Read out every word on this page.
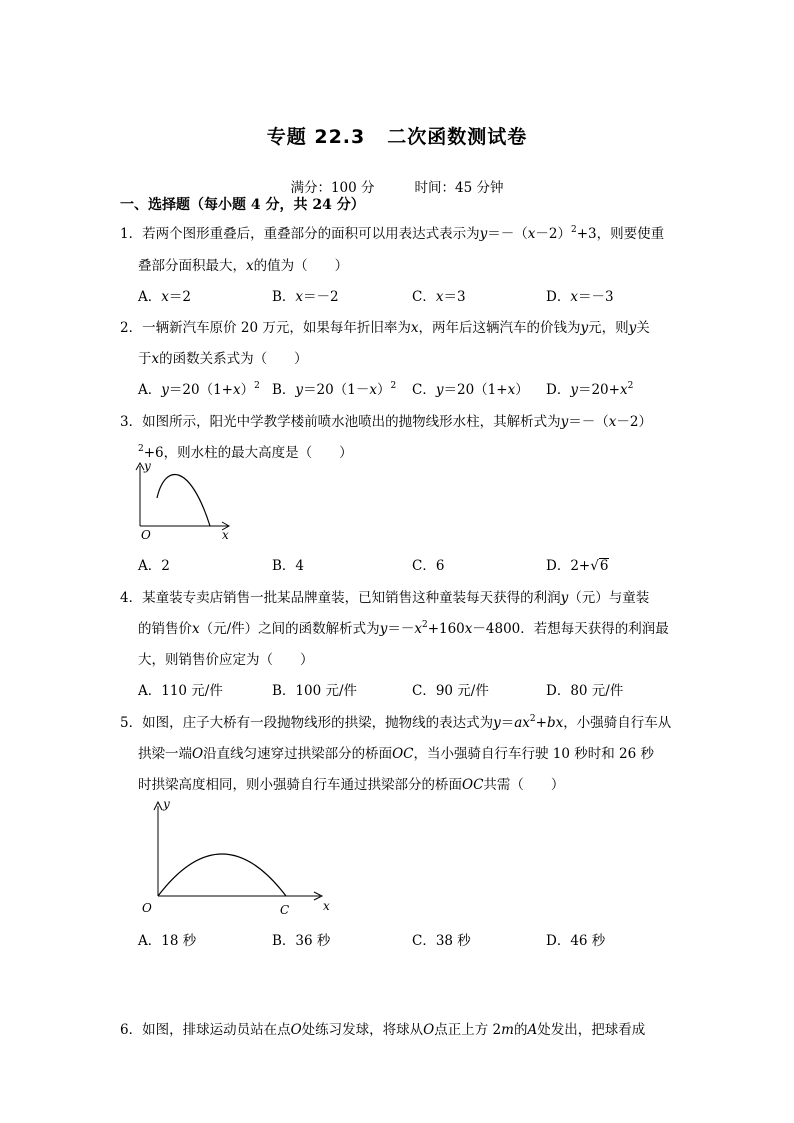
专题 22.3 二次函数测试卷
满分：100 分	时间：45 分钟
一、选择题（每小题 4 分，共 24 分）
1．若两个图形重叠后，重叠部分的面积可以用表达式表示为$y=-(x-2)^2+3$，则要使重
叠部分面积最大，x的值为（　　）
A．x＝2	B．x＝－2	C．x＝3	D．x＝－3
2．一辆新汽车原价 20 万元，如果每年折旧率为x，两年后这辆汽车的价钱为y元，则y关
于x的函数关系式为（　　）
A．$y=20(1+x)^2$ B．$y=20(1-x)^2$ C．y＝20（1+x） D．$y=20+x^2$
3．如图所示，阳光中学教学楼前喷水池喷出的抛物线形水柱，其解析式为y＝－（x－2）
$^2$+6，则水柱的最大高度是（　　）
y
O	x
A．2	B．4	C．6	D．2+√6
4．某童装专卖店销售一批某品牌童装，已知销售这种童装每天获得的利润y（元）与童装
的销售价x（元/件）之间的函数解析式为$y=-x^2+160x-4800$．若想每天获得的利润最
大，则销售价应定为（　　）
A．110 元/件	B．100 元/件	C．90 元/件	D．80 元/件
5．如图，庄子大桥有一段抛物线形的拱梁，抛物线的表达式为$y=ax^2+bx$，小强骑自行车从
拱梁一端O沿直线匀速穿过拱梁部分的桥面OC，当小强骑自行车行驶 10 秒时和 26 秒
时拱梁高度相同，则小强骑自行车通过拱梁部分的桥面OC共需（　　）
y
O	C	x
A．18 秒	B．36 秒	C．38 秒	D．46 秒
6．如图，排球运动员站在点O处练习发球，将球从O点正上方 2m的A处发出，把球看成
